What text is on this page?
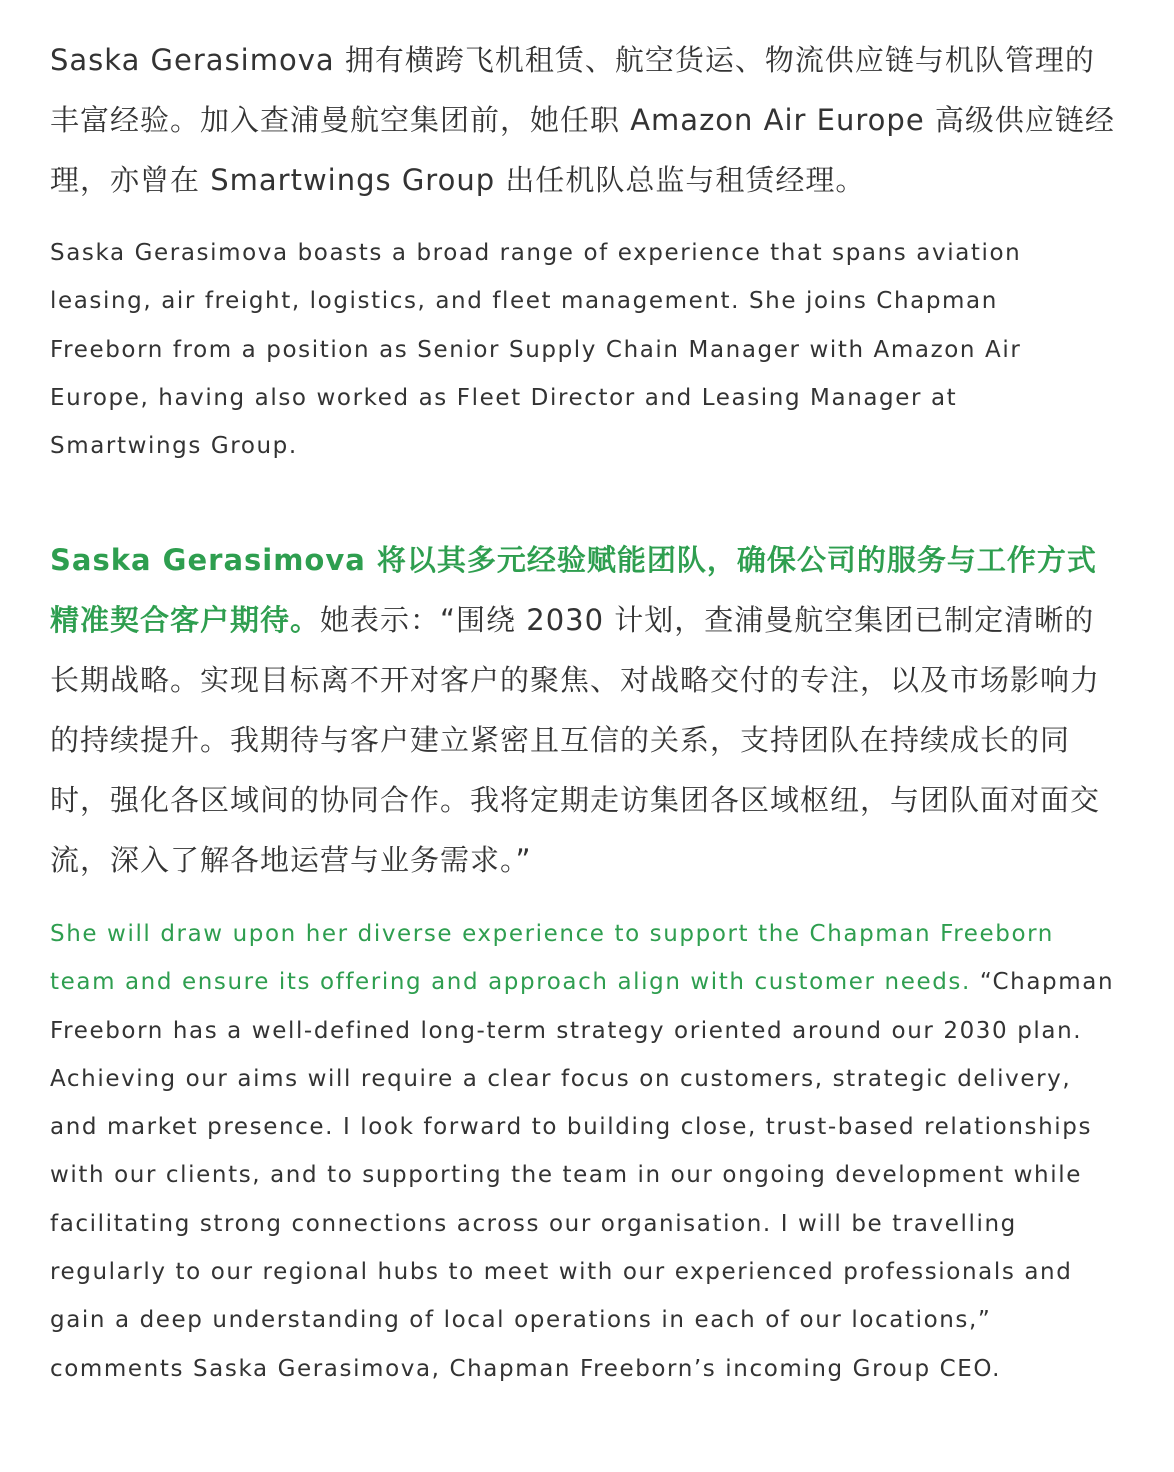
Saska Gerasimova 拥有横跨飞机租赁、航空货运、物流供应链与机队管理的丰富经验。加入查浦曼航空集团前，她任职 Amazon Air Europe 高级供应链经理，亦曾在 Smartwings Group 出任机队总监与租赁经理。

Saska Gerasimova boasts a broad range of experience that spans aviation leasing, air freight, logistics, and fleet management. She joins Chapman Freeborn from a position as Senior Supply Chain Manager with Amazon Air Europe, having also worked as Fleet Director and Leasing Manager at Smartwings Group.

Saska Gerasimova 将以其多元经验赋能团队，确保公司的服务与工作方式精准契合客户期待。她表示：“围绕 2030 计划，查浦曼航空集团已制定清晰的长期战略。实现目标离不开对客户的聚焦、对战略交付的专注，以及市场影响力的持续提升。我期待与客户建立紧密且互信的关系，支持团队在持续成长的同时，强化各区域间的协同合作。我将定期走访集团各区域枢纽，与团队面对面交流，深入了解各地运营与业务需求。”

She will draw upon her diverse experience to support the Chapman Freeborn team and ensure its offering and approach align with customer needs. “Chapman Freeborn has a well-defined long-term strategy oriented around our 2030 plan. Achieving our aims will require a clear focus on customers, strategic delivery, and market presence. I look forward to building close, trust-based relationships with our clients, and to supporting the team in our ongoing development while facilitating strong connections across our organisation. I will be travelling regularly to our regional hubs to meet with our experienced professionals and gain a deep understanding of local operations in each of our locations,” comments Saska Gerasimova, Chapman Freeborn’s incoming Group CEO.
